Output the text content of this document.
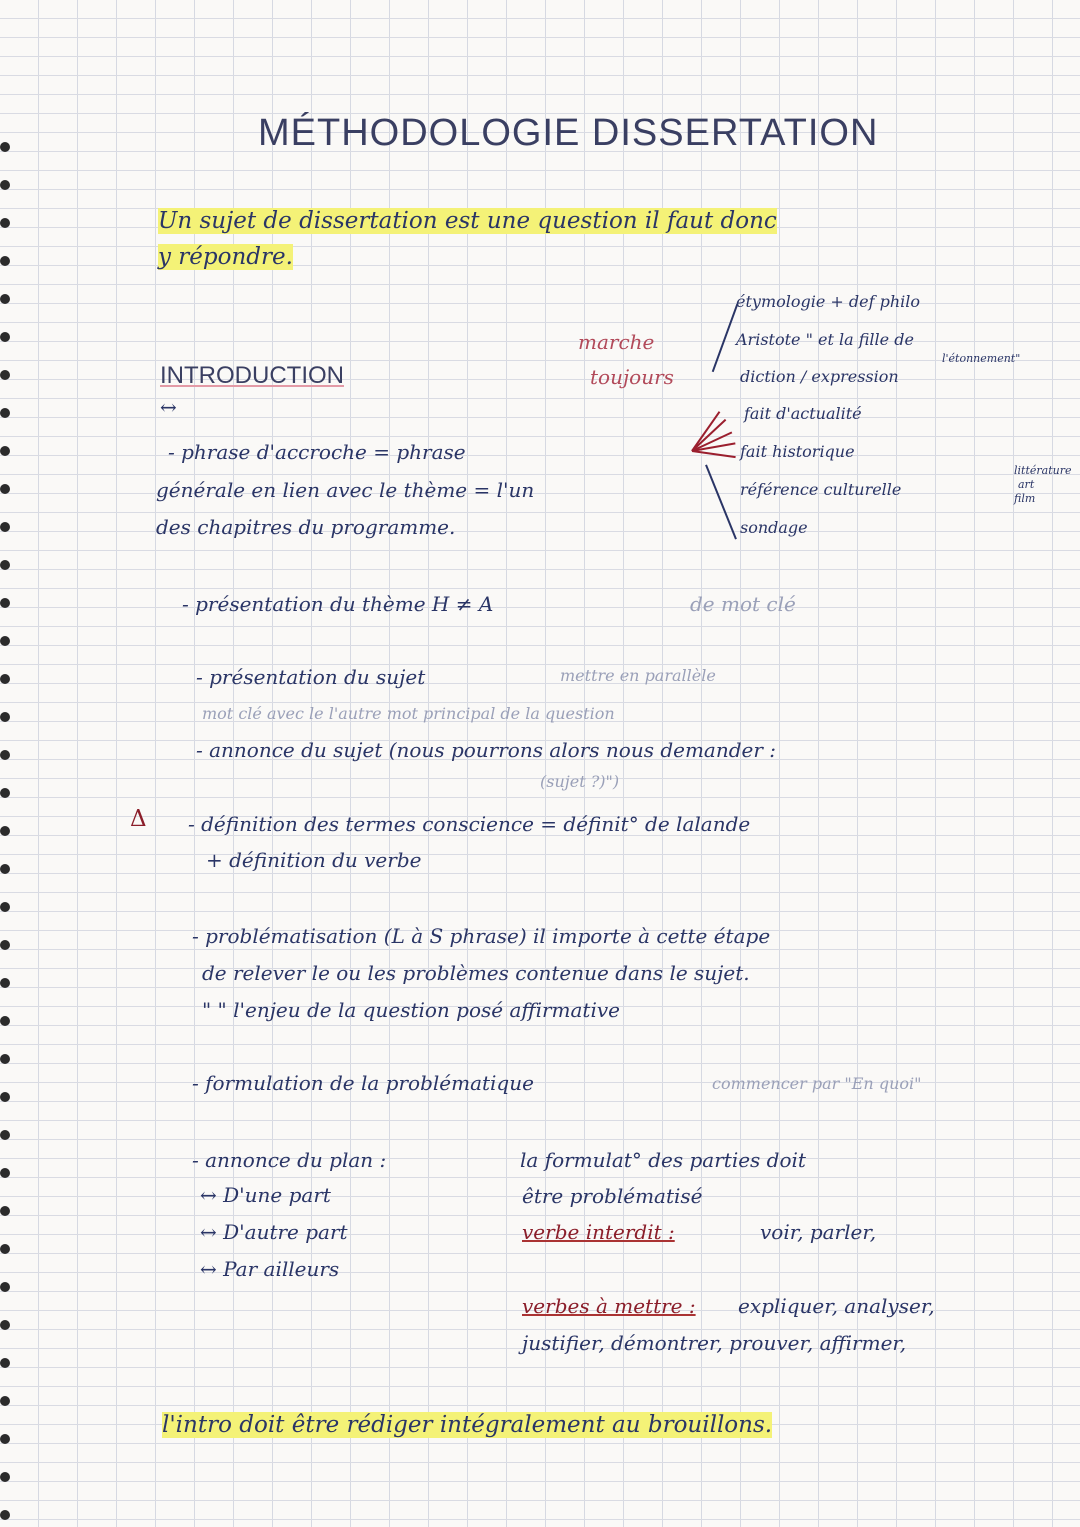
MÉTHODOLOGIE DISSERTATION
Un sujet de dissertation est une question il faut donc
y répondre.
INTRODUCTION
↔
marche
toujours
- phrase d'accroche = phrase
générale en lien avec le thème = l'un
des chapitres du programme.
étymologie + def philo
Aristote " et la fille de
l'étonnement"
diction / expression
fait d'actualité
fait historique
référence culturelle
sondage
littérature
art
film
- présentation du thème H ≠ A	de mot clé
- présentation du sujet	mettre en parallèle
mot clé avec le l'autre mot principal de la question
- annonce du sujet (nous pourrons alors nous demander :
(sujet ?)")
Δ - définition des termes conscience = définit° de lalande
+ définition du verbe
- problématisation (L à S phrase) il importe à cette étape
de relever le ou les problèmes contenue dans le sujet.
" " l'enjeu de la question posé affirmative
- formulation de la problématique	commencer par "En quoi"
- annonce du plan :
↔ D'une part
↔ D'autre part
↔ Par ailleurs
la formulat° des parties doit
être problématisé
verbe interdit :	voir, parler,
verbes à mettre : expliquer, analyser,
justifier, démontrer, prouver, affirmer,
l'intro doit être rédiger intégralement au brouillons.
